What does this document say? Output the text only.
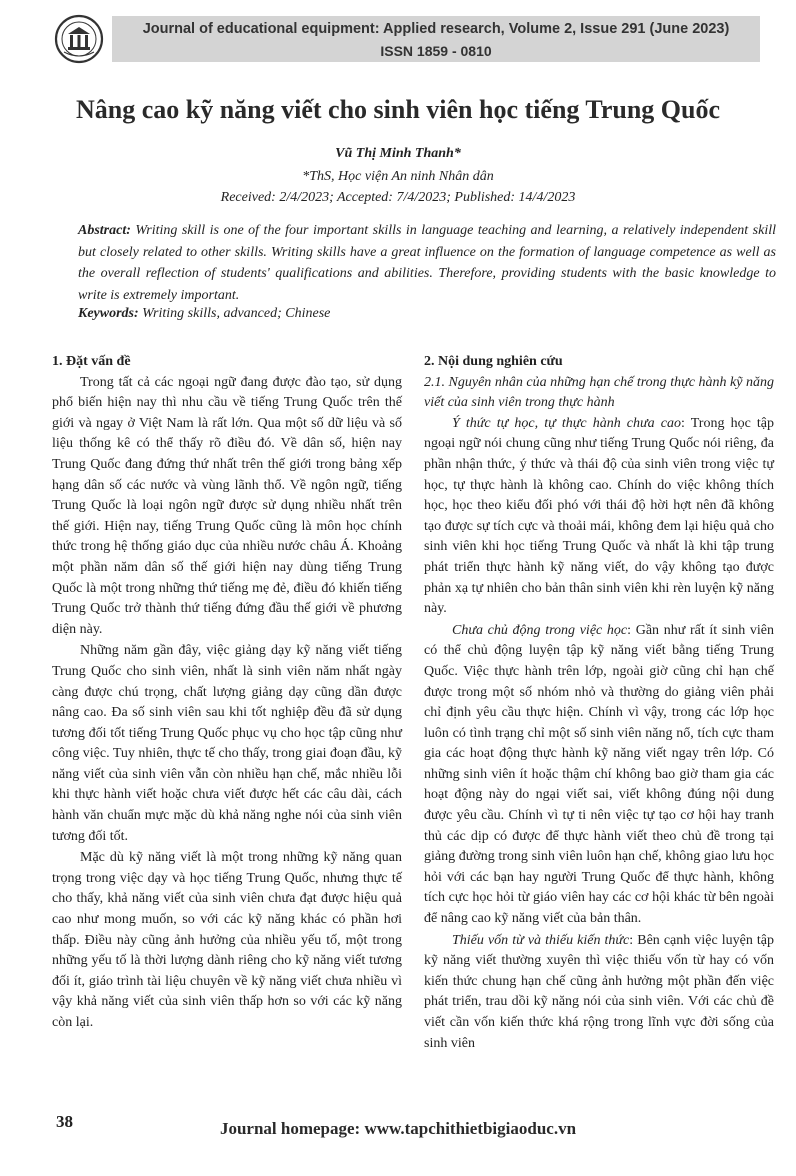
Journal of educational equipment: Applied research, Volume 2, Issue 291 (June 2023)
ISSN 1859 - 0810
Nâng cao kỹ năng viết cho sinh viên học tiếng Trung Quốc
Vũ Thị Minh Thanh*
*ThS, Học viện An ninh Nhân dân
Received: 2/4/2023; Accepted: 7/4/2023; Published: 14/4/2023
Abstract: Writing skill is one of the four important skills in language teaching and learning, a relatively independent skill but closely related to other skills. Writing skills have a great influence on the formation of language competence as well as the overall reflection of students' qualifications and abilities. Therefore, providing students with the basic knowledge to write is extremely important.
Keywords: Writing skills, advanced; Chinese

1. Đặt vấn đề

Trong tất cả các ngoại ngữ đang được đào tạo, sử dụng phổ biến hiện nay thì nhu cầu về tiếng Trung Quốc trên thế giới và ngay ở Việt Nam là rất lớn. Qua một số dữ liệu và số liệu thống kê có thể thấy rõ điều đó. Về dân số, hiện nay Trung Quốc đang đứng thứ nhất trên thế giới trong bảng xếp hạng dân số các nước và vùng lãnh thổ. Về ngôn ngữ, tiếng Trung Quốc là loại ngôn ngữ được sử dụng nhiều nhất trên thế giới. Hiện nay, tiếng Trung Quốc cũng là môn học chính thức trong hệ thống giáo dục của nhiều nước châu Á. Khoảng một phần năm dân số thế giới hiện nay dùng tiếng Trung Quốc là một trong những thứ tiếng mẹ đẻ, điều đó khiến tiếng Trung Quốc trở thành thứ tiếng đứng đầu thế giới về phương diện này.

Những năm gần đây, việc giảng dạy kỹ năng viết tiếng Trung Quốc cho sinh viên, nhất là sinh viên năm nhất ngày càng được chú trọng, chất lượng giảng dạy cũng dần được nâng cao. Đa số sinh viên sau khi tốt nghiệp đều đã sử dụng tương đối tốt tiếng Trung Quốc phục vụ cho học tập cũng như công việc. Tuy nhiên, thực tế cho thấy, trong giai đoạn đầu, kỹ năng viết của sinh viên vẫn còn nhiều hạn chế, mắc nhiều lỗi khi thực hành viết hoặc chưa viết được hết các câu dài, cách hành văn chuẩn mực mặc dù khả năng nghe nói của sinh viên tương đối tốt.

Mặc dù kỹ năng viết là một trong những kỹ năng quan trọng trong việc dạy và học tiếng Trung Quốc, nhưng thực tế cho thấy, khả năng viết của sinh viên chưa đạt được hiệu quả cao như mong muốn, so với các kỹ năng khác có phần hơi thấp. Điều này cũng ảnh hưởng của nhiều yếu tố, một trong những yếu tố là thời lượng dành riêng cho kỹ năng viết tương đối ít, giáo trình tài liệu chuyên về kỹ năng viết chưa nhiều vì vậy khả năng viết của sinh viên thấp hơn so với các kỹ năng còn lại.

2. Nội dung nghiên cứu

2.1. Nguyên nhân của những hạn chế trong thực hành kỹ năng viết của sinh viên trong thực hành

Ý thức tự học, tự thực hành chưa cao: Trong học tập ngoại ngữ nói chung cũng như tiếng Trung Quốc nói riêng, đa phần nhận thức, ý thức và thái độ của sinh viên trong việc tự học, tự thực hành là không cao. Chính do việc không thích học, học theo kiểu đối phó với thái độ hời hợt nên đã không tạo được sự tích cực và thoải mái, không đem lại hiệu quả cho sinh viên khi học tiếng Trung Quốc và nhất là khi tập trung phát triển thực hành kỹ năng viết, do vậy không tạo được phản xạ tự nhiên cho bản thân sinh viên khi rèn luyện kỹ năng này.

Chưa chủ động trong việc học: Gần như rất ít sinh viên có thể chủ động luyện tập kỹ năng viết bằng tiếng Trung Quốc. Việc thực hành trên lớp, ngoài giờ cũng chỉ hạn chế được trong một số nhóm nhỏ và thường do giảng viên phải chỉ định yêu cầu thực hiện. Chính vì vậy, trong các lớp học luôn có tình trạng chỉ một số sinh viên năng nổ, tích cực tham gia các hoạt động thực hành kỹ năng viết ngay trên lớp. Có những sinh viên ít hoặc thậm chí không bao giờ tham gia các hoạt động này do ngại viết sai, viết không đúng nội dung được yêu cầu. Chính vì tự ti nên việc tự tạo cơ hội hay tranh thủ các dịp có được để thực hành viết theo chủ đề trong tại giảng đường trong sinh viên luôn hạn chế, không giao lưu học hỏi với các bạn hay người Trung Quốc để thực hành, không tích cực học hỏi từ giáo viên hay các cơ hội khác từ bên ngoài để nâng cao kỹ năng viết của bản thân.

Thiếu vốn từ và thiếu kiến thức: Bên cạnh việc luyện tập kỹ năng viết thường xuyên thì việc thiếu vốn từ hay có vốn kiến thức chung hạn chế cũng ảnh hưởng một phần đến việc phát triển, trau dồi kỹ năng nói của sinh viên. Với các chủ đề viết cần vốn kiến thức khá rộng trong lĩnh vực đời sống của sinh viên

38	Journal homepage: www.tapchithietbigiaoduc.vn
